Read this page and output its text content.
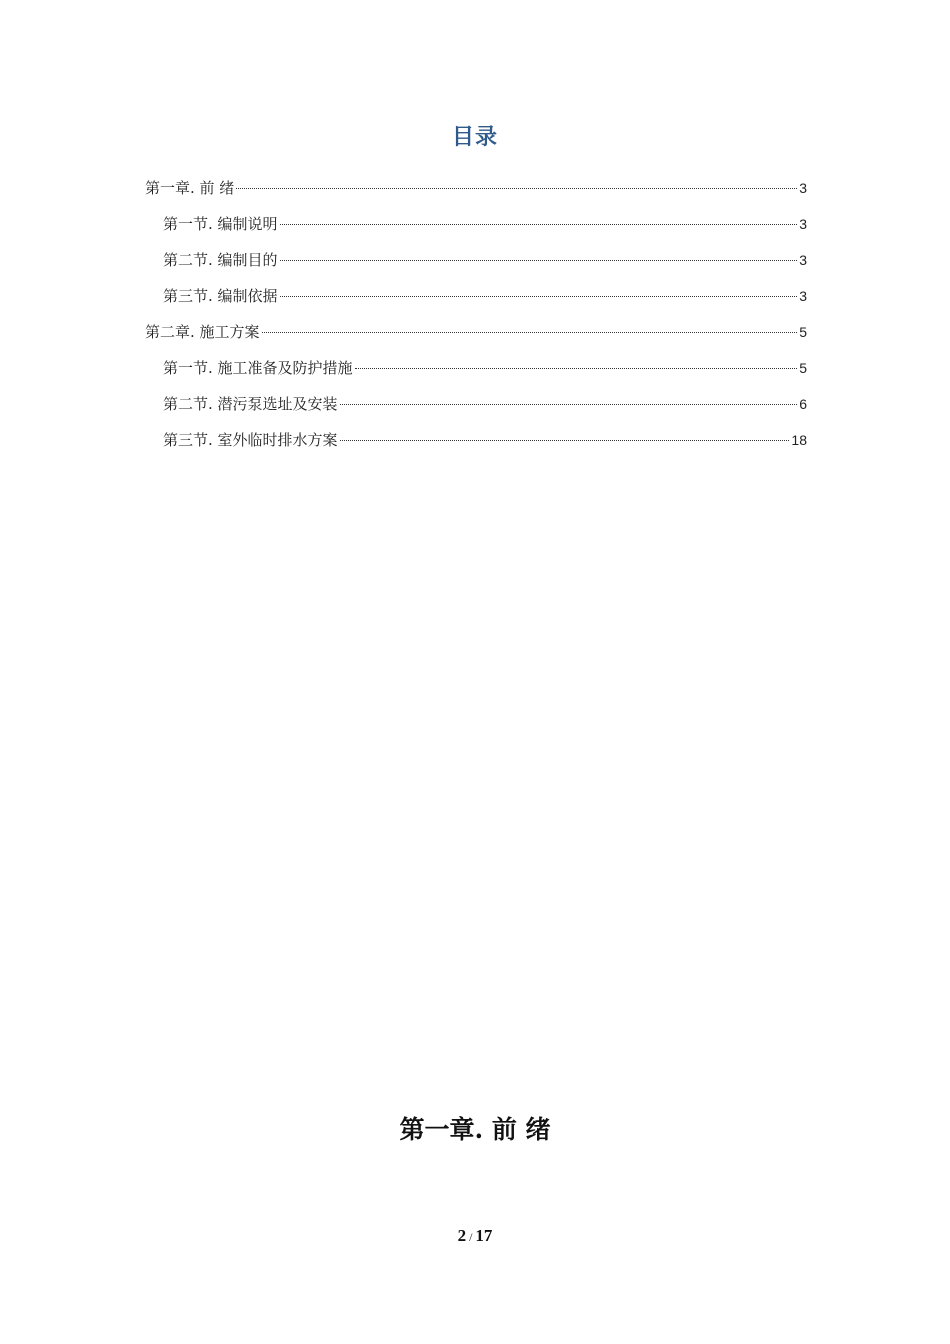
目录
第一章. 前 绪	3
第一节. 编制说明	3
第二节. 编制目的	3
第三节. 编制依据	3
第二章. 施工方案	5
第一节. 施工准备及防护措施	5
第二节. 潜污泵选址及安装	6
第三节. 室外临时排水方案	18
第一章. 前 绪
2 / 17
